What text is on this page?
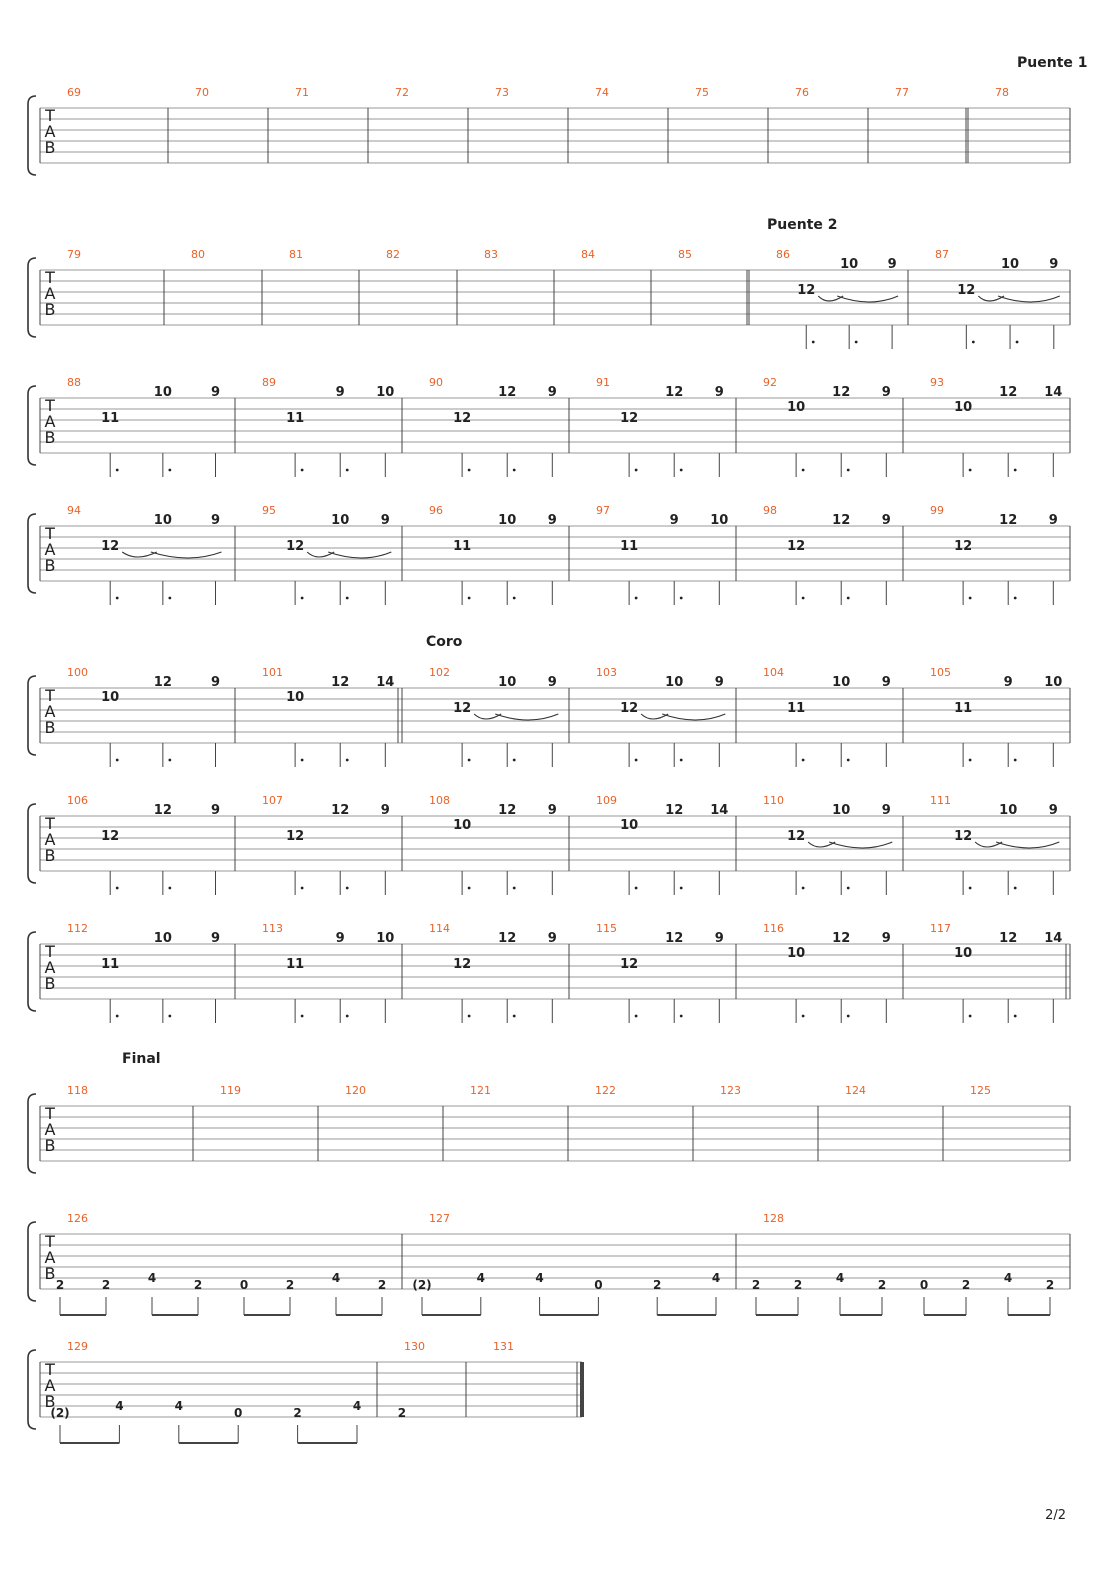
T
A
B
69	70	71	72	73	74	75	76	77	78
T
A
B
79	80	81	82	83	84	85	86	87
12
10 9
12
10 9
T
A
B
88	89	90	91	92	93
11
10	9
11
9 10
12
12 9
12
12 9
10
12 9
10
12 14
T
A
B
94	95	96	97	98	99
12
10	9
12
10 9
11
10 9
11
9 10
12
12 9
12
12 9
T
A
B
100	101	102	103	104	105
10
12	9
10
12 14
12
10 9
12
10 9
11
10 9
11
9 10
T
A
B
106	107	108	109	110	111
12
12	9
12
12 9
10
12 9
10
12 14
12
10 9
12
10 9
T
A
B
112	113	114	115	116	117
11
10	9
11
9 10
12
12 9
12
12 9
10
12 9
10
12 14
T
A
B
118	119	120	121	122	123	124	125
T
A
B
126	127	128
2	2	4	2	0	2	4	2 (2)	4	4	0	2	4	2	2	4	2	0	2	4	2
T
A
B
129	130	131
(2)	4	4	0	2	4	2
Puente 1
Puente 2
Coro
Final
2/2
